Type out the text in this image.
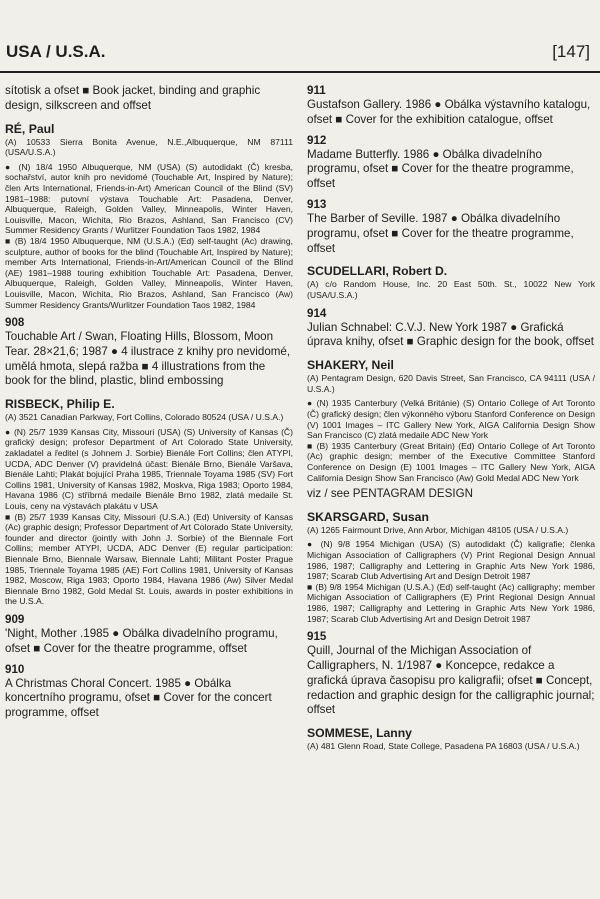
USA / U.S.A.	[147]

sítotisk a ofset ■ Book jacket, binding and graphic design, silkscreen and offset

RÉ, Paul

(A) 10533 Sierra Bonita Avenue, N.E.,Albuquerque, NM 87111 (USA/U.S.A.)

● (N) 18/4 1950 Albuquerque, NM (USA) (S) autodidakt (Č) kresba, sochařství, autor knih pro nevidomé (Touchable Art, Inspired by Nature); člen Arts International, Friends-in-Art) American Council of the Blind (SV) 1981–1988: putovní výstava Touchable Art: Pasadena, Denver, Albuquerque, Raleigh, Golden Valley, Minneapolis, Winter Haven, Louisville, Macon, Wichita, Rio Brazos, Ashland, San Francisco (CV) Summer Residency Grants / Wurlitzer Foundation Taos 1982, 1984

■ (B) 18/4 1950 Albuquerque, NM (U.S.A.) (Ed) self-taught (Ac) drawing, sculpture, author of books for the blind (Touchable Art, Inspired by Nature); member Arts International, Friends-in-Art/American Council of the Blind (AE) 1981–1988 touring exhibition Touchable Art: Pasadena, Denver, Albuquerque, Raleigh, Golden Valley, Minneapolis, Winter Haven, Louisville, Macon, Wichita, Rio Brazos, Ashland, San Francisco (Aw) Summer Residency Grants/Wurlitzer Foundation Taos 1982, 1984

908

Touchable Art / Swan, Floating Hills, Blossom, Moon Tear. 28×21,6; 1987 ● 4 ilustrace z knihy pro nevidomé, umělá hmota, slepá ražba ■ 4 illustrations from the book for the blind, plastic, blind embossing

RISBECK, Philip E.

(A) 3521 Canadian Parkway, Fort Collins, Colorado 80524 (USA / U.S.A.)

● (N) 25/7 1939 Kansas City, Missouri (USA) (S) University of Kansas (Č) grafický design; profesor Department of Art Colorado State University, zakladatel a ředitel (s Johnem J. Sorbie) Bienále Fort Collins; člen ATYPI, UCDA, ADC Denver (V) pravidelná účast: Bienále Brno, Bienále Varšava, Bienále Lahti; Plakát bojující Praha 1985, Triennale Toyama 1985 (SV) Fort Collins 1981, University of Kansas 1982, Moskva, Riga 1983; Oporto 1984, Havana 1986 (C) stříbrná medaile Bienále Brno 1982, zlatá medaile St. Louis, ceny na výstavách plakátu v USA

■ (B) 25/7 1939 Kansas City, Missouri (U.S.A.) (Ed) University of Kansas (Ac) graphic design; Professor Department of Art Colorado State University, founder and director (jointly with John J. Sorbie) of the Biennale Fort Collins; member ATYPI, UCDA, ADC Denver (E) regular participation: Biennale Brno, Biennale Warsaw, Biennale Lahti; Militant Poster Prague 1985, Triennale Toyama 1985 (AE) Fort Collins 1981, University of Kansas 1982, Moscow, Riga 1983; Oporto 1984, Havana 1986 (Aw) Silver Medal Biennale Brno 1982, Gold Medal St. Louis, awards in poster exhibitions in the U.S.A.

909

'Night, Mother .1985 ● Obálka divadelního programu, ofset ■ Cover for the theatre programme, offset

910

A Christmas Choral Concert. 1985 ● Obálka koncertního programu, ofset ■ Cover for the concert programme, offset

911

Gustafson Gallery. 1986 ● Obálka výstavního katalogu, ofset ■ Cover for the exhibition catalogue, offset

912

Madame Butterfly. 1986 ● Obálka divadelního programu, ofset ■ Cover for the theatre programme, offset

913

The Barber of Seville. 1987 ● Obálka divadelního programu, ofset ■ Cover for the theatre programme, offset

SCUDELLARI, Robert D.

(A) c/o Random House, Inc. 20 East 50th. St., 10022 New York (USA/U.S.A.)

914

Julian Schnabel: C.V.J. New York 1987 ● Grafická úprava knihy, ofset ■ Graphic design for the book, offset

SHAKERY, Neil

(A) Pentagram Design, 620 Davis Street, San Francisco, CA 94111 (USA / U.S.A.)

● (N) 1935 Canterbury (Velká Británie) (S) Ontario College of Art Toronto (Č) grafický design; člen výkonného výboru Stanford Conference on Design (V) 1001 Images – ITC Gallery New York, AIGA California Design Show San Francisco (C) zlatá medaile ADC New York

■ (B) 1935 Canterbury (Great Britain) (Ed) Ontario College of Art Toronto (Ac) graphic design; member of the Executive Committee Stanford Conference on Design (E) 1001 Images – ITC Gallery New York, AIGA California Design Show San Francisco (Aw) Gold Medal ADC New York

viz / see PENTAGRAM DESIGN

SKARSGARD, Susan

(A) 1265 Fairmount Drive, Ann Arbor, Michigan 48105 (USA / U.S.A.)

● (N) 9/8 1954 Michigan (USA) (S) autodidakt (Č) kaligrafie; členka Michigan Association of Calligraphers (V) Print Regional Design Annual 1986, 1987; Calligraphy and Lettering in Graphic Arts New York 1986, 1987; Scarab Club Advertising Art and Design Detroit 1987

■ (B) 9/8 1954 Michigan (U.S.A.) (Ed) self-taught (Ac) calligraphy; member Michigan Association of Calligraphers (E) Print Regional Design Annual 1986, 1987; Calligraphy and Lettering in Graphic Arts New York 1986, 1987; Scarab Club Advertising Art and Design Detroit 1987

915

Quill, Journal of the Michigan Association of Calligraphers, N. 1/1987 ● Koncepce, redakce a grafická úprava časopisu pro kaligrafii; ofset ■ Concept, redaction and graphic design for the calligraphic journal; offset

SOMMESE, Lanny

(A) 481 Glenn Road, State College, Pasadena PA 16803 (USA / U.S.A.)
